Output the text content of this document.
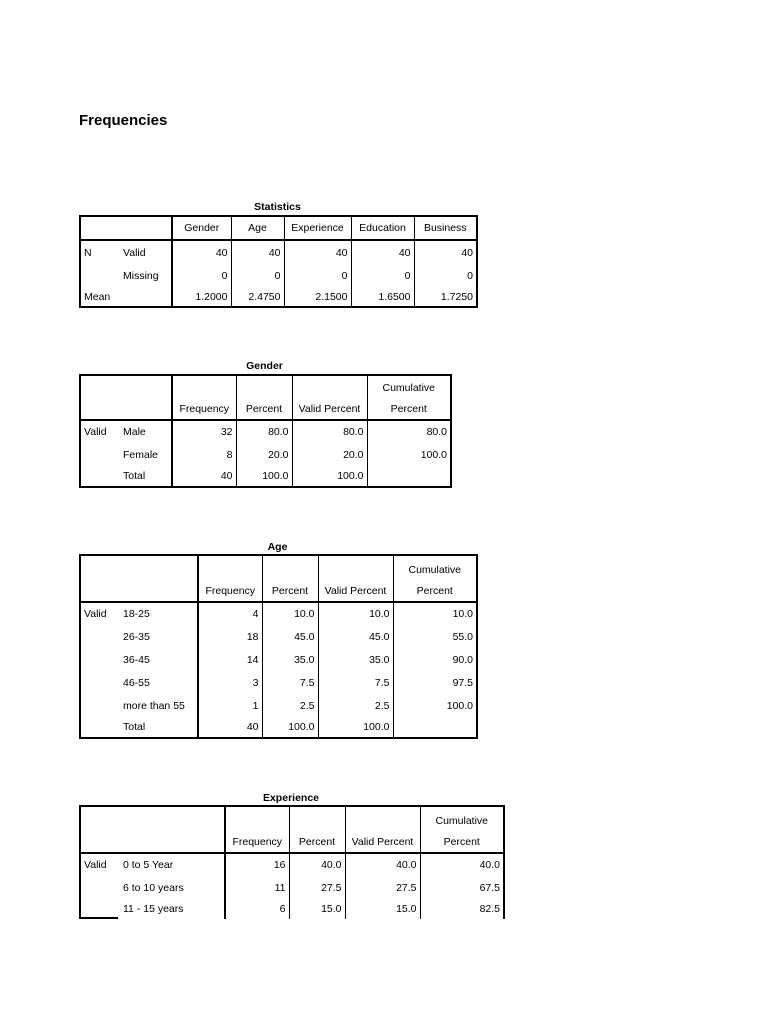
Frequencies
Statistics
		Gender	Age	Experience	Education	Business
N	Valid	40	40	40	40	40
	Missing	0	0	0	0	0
Mean		1.2000	2.4750	2.1500	1.6500	1.7250
Gender
		Frequency	Percent	Valid Percent	Cumulative
Percent
Valid	Male	32	80.0	80.0	80.0
	Female	8	20.0	20.0	100.0
	Total	40	100.0	100.0	
Age
		Frequency	Percent	Valid Percent	Cumulative
Percent
Valid	18-25	4	10.0	10.0	10.0
	26-35	18	45.0	45.0	55.0
	36-45	14	35.0	35.0	90.0
	46-55	3	7.5	7.5	97.5
	more than 55	1	2.5	2.5	100.0
	Total	40	100.0	100.0	
Experience
		Frequency	Percent	Valid Percent	Cumulative
Percent
Valid	0 to 5 Year	16	40.0	40.0	40.0
	6 to 10 years	11	27.5	27.5	67.5
	11 - 15 years	6	15.0	15.0	82.5
